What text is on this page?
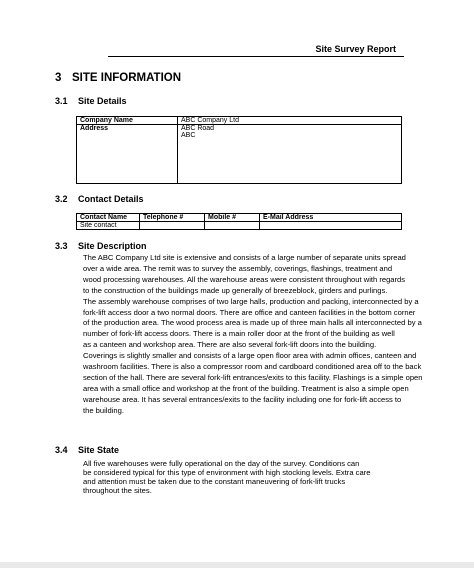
Site Survey Report
3 SITE INFORMATION
3.1 Site Details
Company Name	ABC Company Ltd
Address	ABC Road
ABC
3.2 Contact Details
Contact Name	Telephone #	Mobile #	E-Mail Address
Site contact			
3.3 Site Description
The ABC Company Ltd site is extensive and consists of a large number of separate units spread
over a wide area. The remit was to survey the assembly, coverings, flashings, treatment and
wood processing warehouses. All the warehouse areas were consistent throughout with regards
to the construction of the buildings made up generally of breezeblock, girders and purlings.
The assembly warehouse comprises of two large halls, production and packing, interconnected by a
fork-lift access door a two normal doors. There are office and canteen facilities in the bottom corner
of the production area. The wood process area is made up of three main halls all interconnected by a
number of fork-lift access doors. There is a main roller door at the front of the building as well
as a canteen and workshop area. There are also several fork-lift doors into the building.
Coverings is slightly smaller and consists of a large open floor area with admin offices, canteen and
washroom facilities. There is also a compressor room and cardboard conditioned area off to the back
section of the hall. There are several fork-lift entrances/exits to this facility. Flashings is a simple open
area with a small office and workshop at the front of the building. Treatment is also a simple open
warehouse area. It has several entrances/exits to the facility including one for fork-lift access to
the building.
3.4 Site State
All five warehouses were fully operational on the day of the survey. Conditions can
be considered typical for this type of environment with high stocking levels. Extra care
and attention must be taken due to the constant maneuvering of fork-lift trucks
throughout the sites.
